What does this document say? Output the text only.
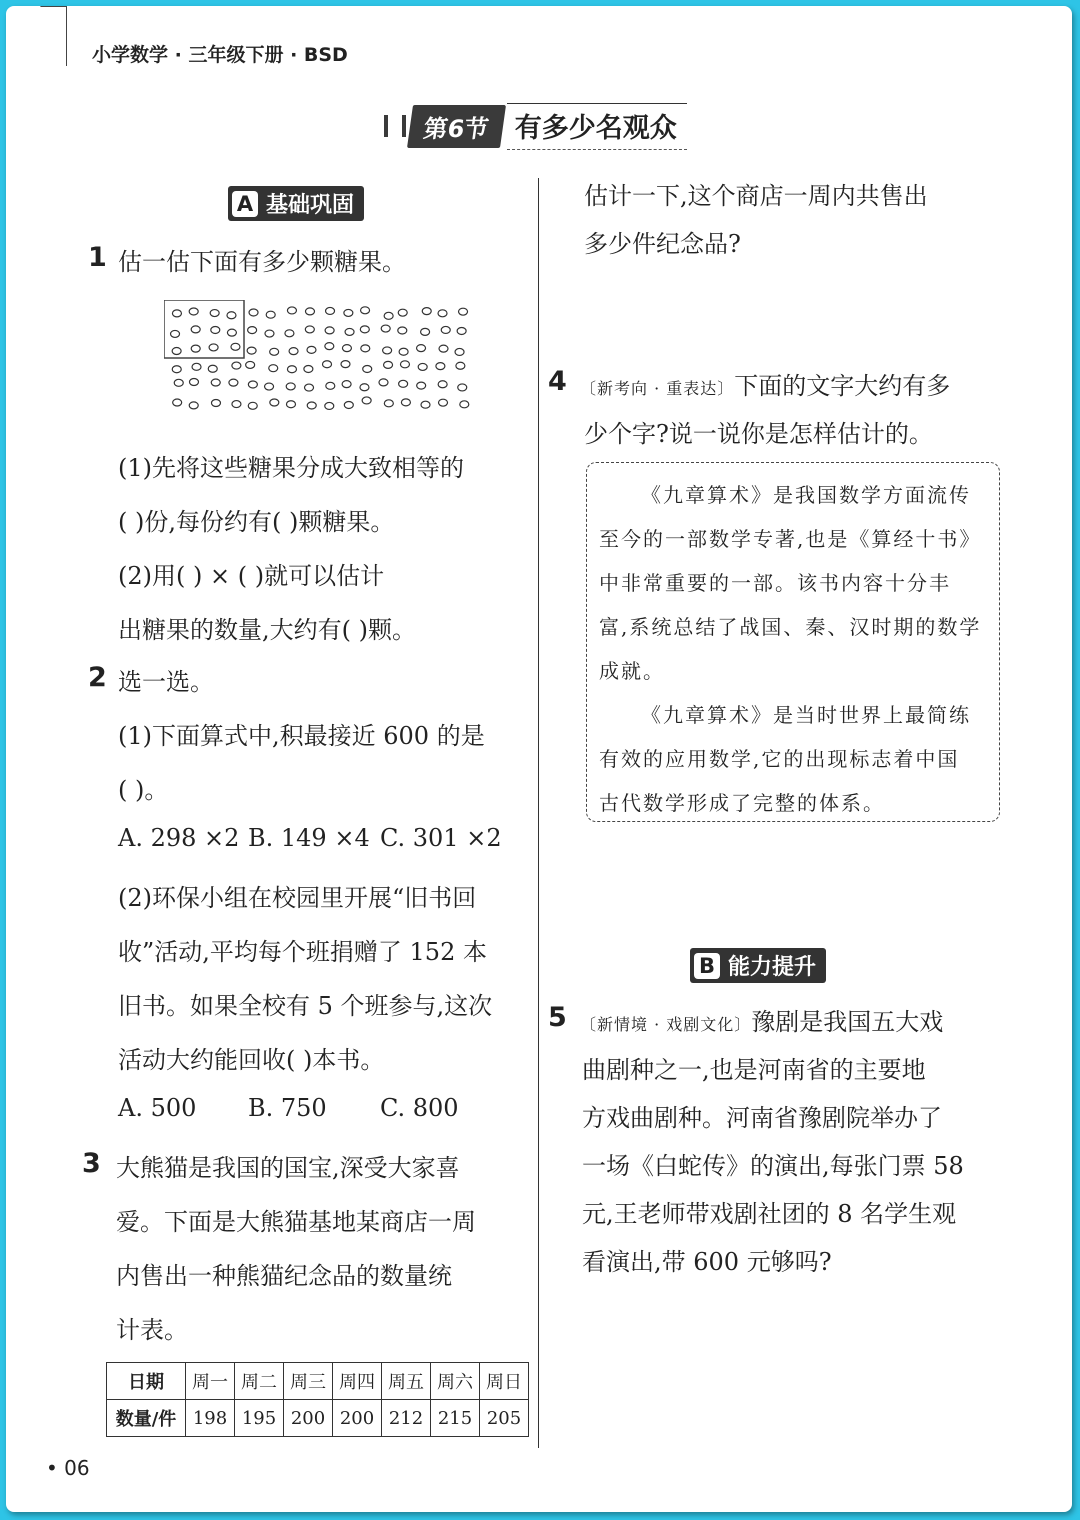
小学数学 · 三年级下册 · BSD
第6节 有多少名观众
A 基础巩固
1 估一估下面有多少颗糖果。
(1)先将这些糖果分成大致相等的
( )份,每份约有( )颗糖果。
(2)用( ) × ( )就可以估计
出糖果的数量,大约有( )颗。
2 选一选。
(1)下面算式中,积最接近 600 的是
( )。
A. 298 ×2 B. 149 ×4 C. 301 ×2
(2)环保小组在校园里开展“旧书回
收”活动,平均每个班捐赠了 152 本
旧书。如果全校有 5 个班参与,这次
活动大约能回收( )本书。
A. 500 B. 750 C. 800
3 大熊猫是我国的国宝,深受大家喜
爱。下面是大熊猫基地某商店一周
内售出一种熊猫纪念品的数量统
计表。
日期	周一	周二	周三	周四	周五	周六	周日
数量/件	198	195	200	200	212	215	205
• 06
估计一下,这个商店一周内共售出
多少件纪念品?
4 〔新考向 · 重表达〕下面的文字大约有多
少个字?说一说你是怎样估计的。
《九章算术》是我国数学方面流传
至今的一部数学专著,也是《算经十书》
中非常重要的一部。该书内容十分丰
富,系统总结了战国、秦、汉时期的数学
成就。
《九章算术》是当时世界上最简练
有效的应用数学,它的出现标志着中国
古代数学形成了完整的体系。
B 能力提升
5 〔新情境 · 戏剧文化〕豫剧是我国五大戏
曲剧种之一,也是河南省的主要地
方戏曲剧种。河南省豫剧院举办了
一场《白蛇传》的演出,每张门票 58
元,王老师带戏剧社团的 8 名学生观
看演出,带 600 元够吗?
